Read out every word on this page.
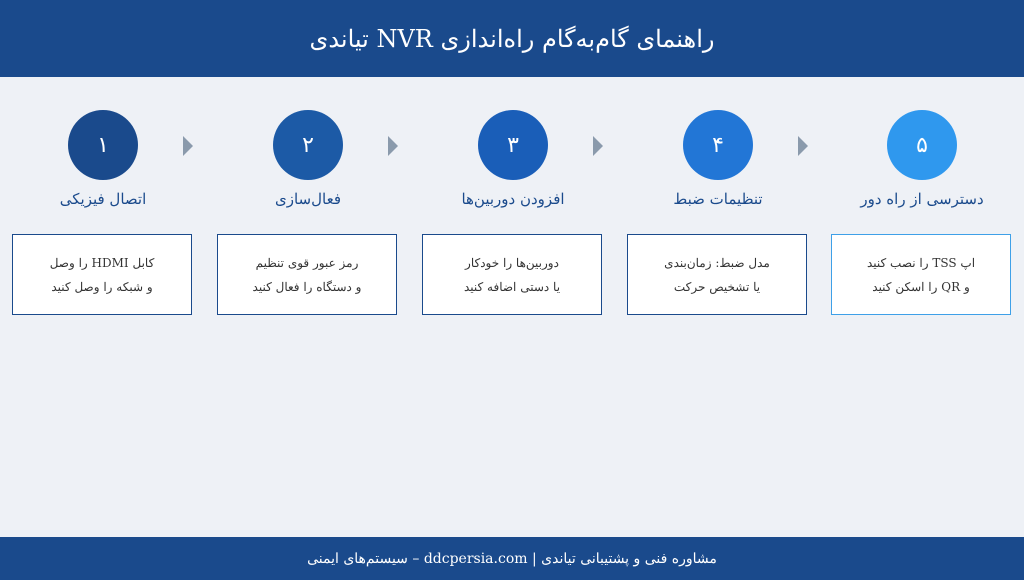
راهنمای گام‌به‌گام راه‌اندازی NVR تیاندی
۱
اتصال فیزیکی
کابل HDMI را وصل
و شبکه را وصل کنید
۲
فعال‌سازی
رمز عبور قوی تنظیم
و دستگاه را فعال کنید
۳
افزودن دوربین‌ها
دوربین‌ها را خودکار
یا دستی اضافه کنید
۴
تنظیمات ضبط
مدل ضبط: زمان‌بندی
یا تشخیص حرکت
۵
دسترسی از راه دور
اپ TSS را نصب کنید
و QR را اسکن کنید
مشاوره فنی و پشتیبانی تیاندی | ddcpersia.com – سیستم‌های ایمنی
